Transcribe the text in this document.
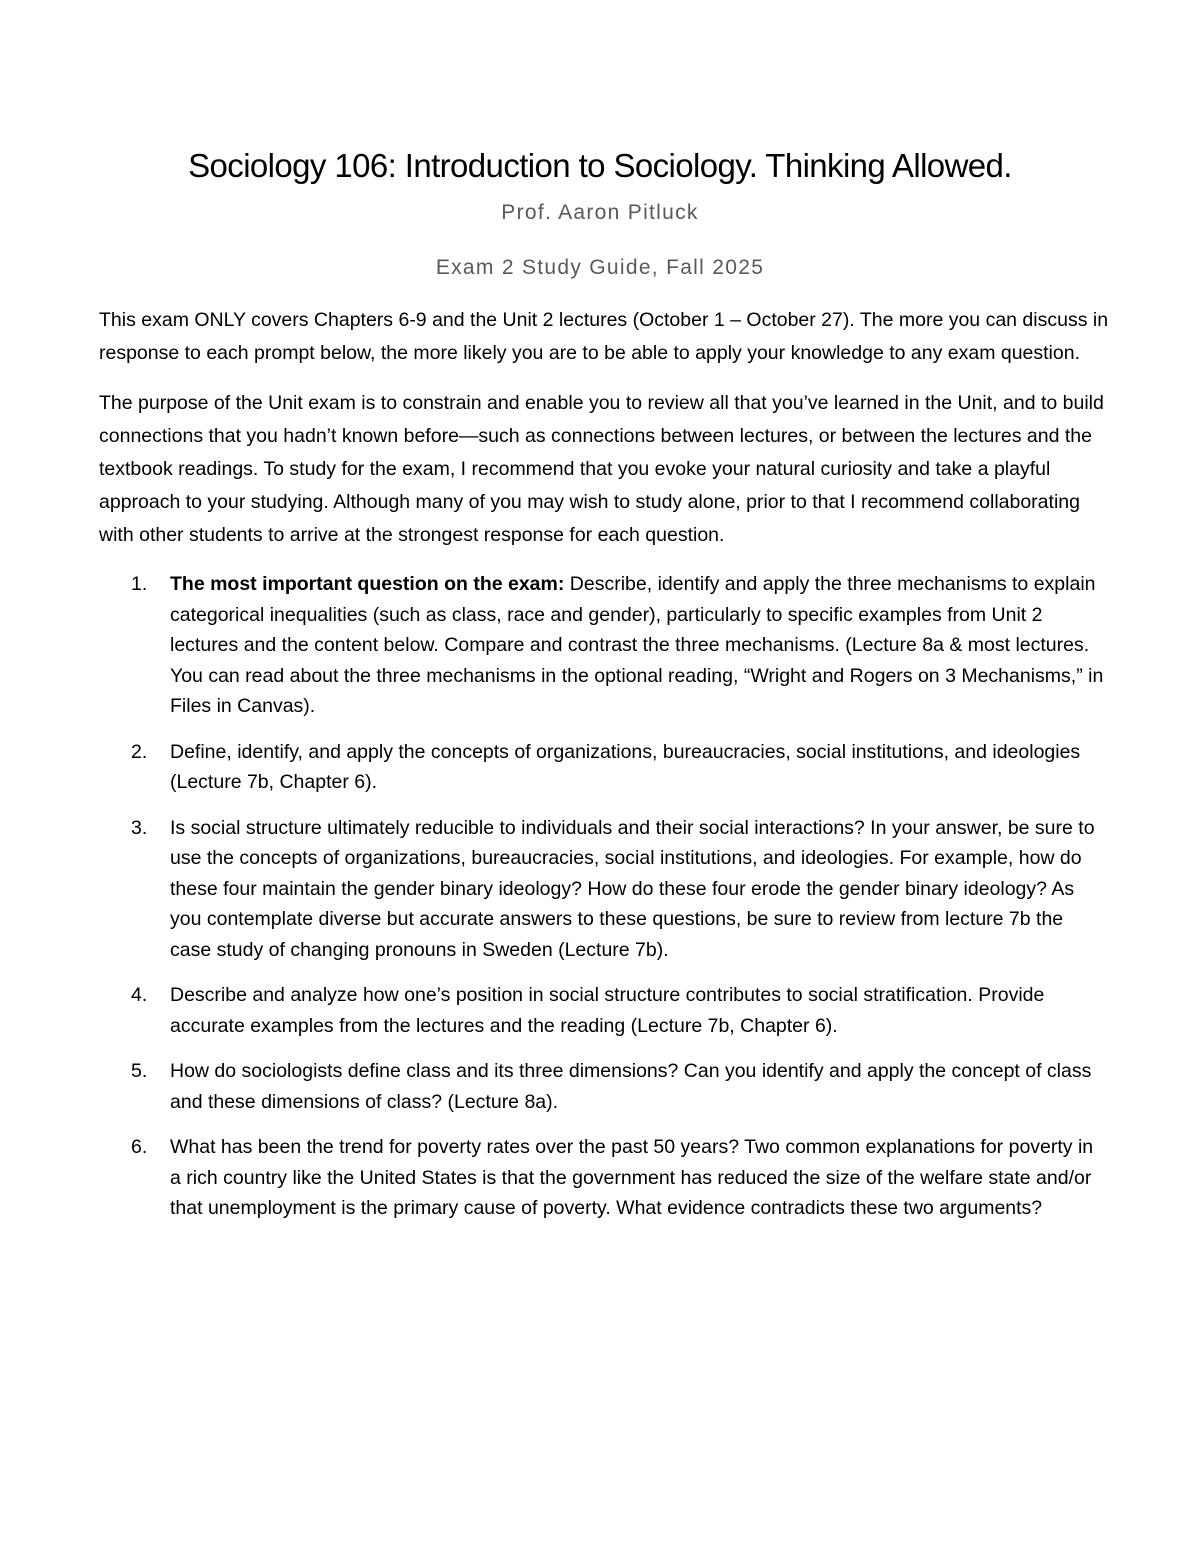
Sociology 106: Introduction to Sociology. Thinking Allowed.
Prof. Aaron Pitluck
Exam 2 Study Guide, Fall 2025

This exam ONLY covers Chapters 6-9 and the Unit 2 lectures (October 1 – October 27). The more you can discuss in response to each prompt below, the more likely you are to be able to apply your knowledge to any exam question.

The purpose of the Unit exam is to constrain and enable you to review all that you’ve learned in the Unit, and to build connections that you hadn’t known before—such as connections between lectures, or between the lectures and the textbook readings. To study for the exam, I recommend that you evoke your natural curiosity and take a playful approach to your studying. Although many of you may wish to study alone, prior to that I recommend collaborating with other students to arrive at the strongest response for each question.

1. The most important question on the exam: Describe, identify and apply the three mechanisms to explain categorical inequalities (such as class, race and gender), particularly to specific examples from Unit 2 lectures and the content below. Compare and contrast the three mechanisms. (Lecture 8a & most lectures. You can read about the three mechanisms in the optional reading, “Wright and Rogers on 3 Mechanisms,” in Files in Canvas).
2. Define, identify, and apply the concepts of organizations, bureaucracies, social institutions, and ideologies (Lecture 7b, Chapter 6).
3. Is social structure ultimately reducible to individuals and their social interactions? In your answer, be sure to use the concepts of organizations, bureaucracies, social institutions, and ideologies. For example, how do these four maintain the gender binary ideology? How do these four erode the gender binary ideology? As you contemplate diverse but accurate answers to these questions, be sure to review from lecture 7b the case study of changing pronouns in Sweden (Lecture 7b).
4. Describe and analyze how one’s position in social structure contributes to social stratification. Provide accurate examples from the lectures and the reading (Lecture 7b, Chapter 6).
5. How do sociologists define class and its three dimensions? Can you identify and apply the concept of class and these dimensions of class? (Lecture 8a).
6. What has been the trend for poverty rates over the past 50 years? Two common explanations for poverty in a rich country like the United States is that the government has reduced the size of the welfare state and/or that unemployment is the primary cause of poverty. What evidence contradicts these two arguments?
